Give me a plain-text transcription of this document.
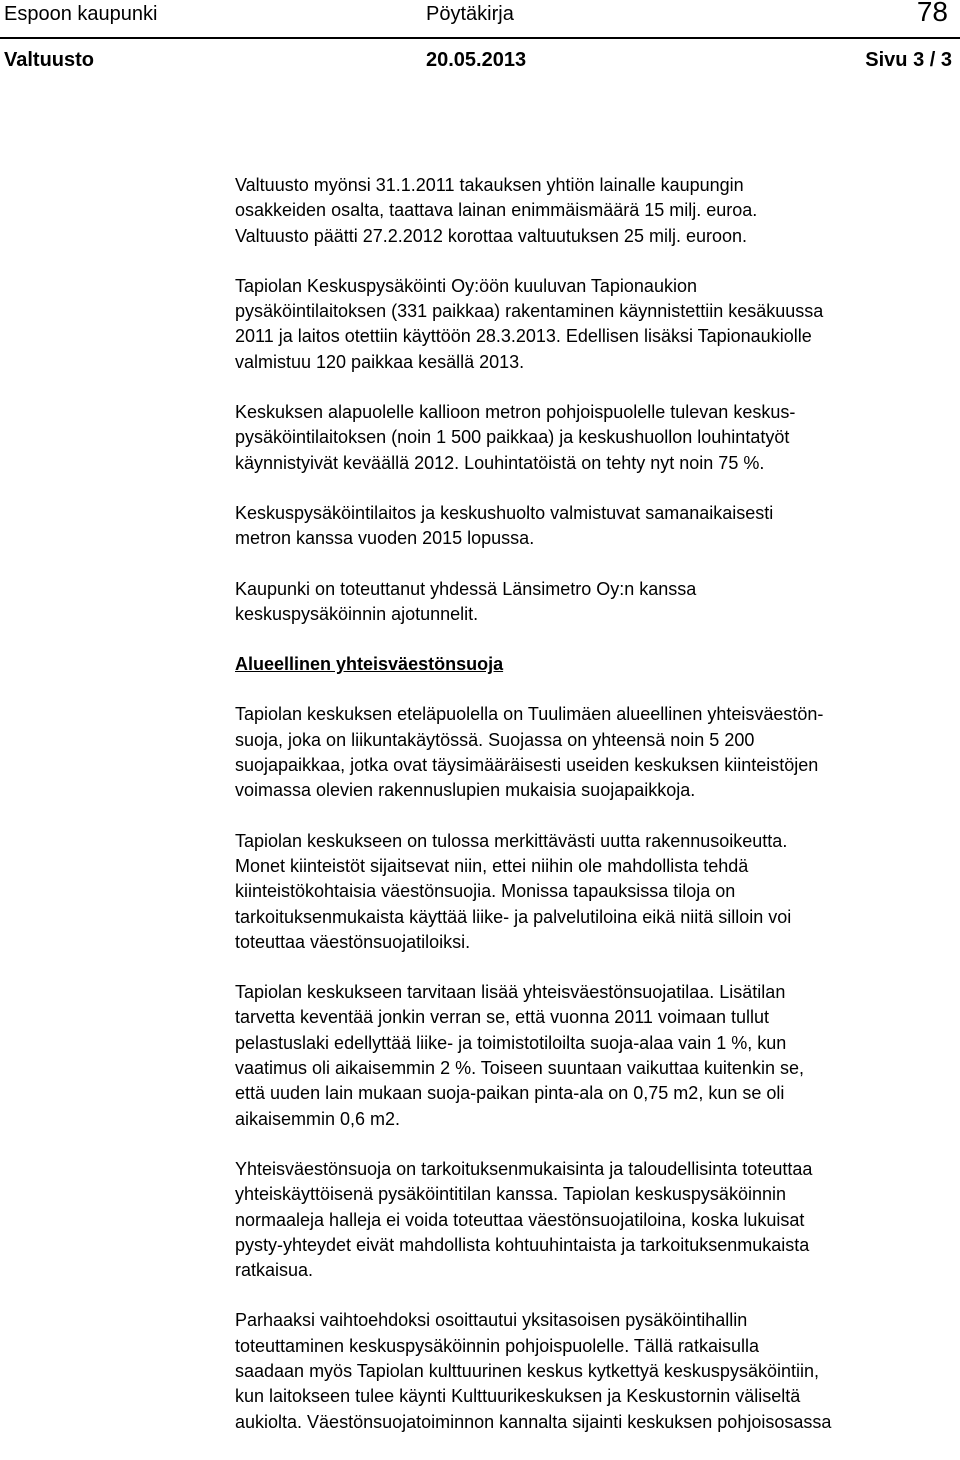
Espoon kaupunki	Pöytäkirja	78
Valtuusto	20.05.2013	Sivu 3 / 3

Valtuusto myönsi 31.1.2011 takauksen yhtiön lainalle kaupungin
osakkeiden osalta, taattava lainan enimmäismäärä 15 milj. euroa.
Valtuusto päätti 27.2.2012 korottaa valtuutuksen 25 milj. euroon.

Tapiolan Keskuspysäköinti Oy:öön kuuluvan Tapionaukion
pysäköintilaitoksen (331 paikkaa) rakentaminen käynnistettiin kesäkuussa
2011 ja laitos otettiin käyttöön 28.3.2013. Edellisen lisäksi Tapionaukiolle
valmistuu 120 paikkaa kesällä 2013.

Keskuksen alapuolelle kallioon metron pohjoispuolelle tulevan keskus-
pysäköintilaitoksen (noin 1 500 paikkaa) ja keskushuollon louhintatyöt
käynnistyivät keväällä 2012. Louhintatöistä on tehty nyt noin 75 %.

Keskuspysäköintilaitos ja keskushuolto valmistuvat samanaikaisesti
metron kanssa vuoden 2015 lopussa.

Kaupunki on toteuttanut yhdessä Länsimetro Oy:n kanssa
keskuspysäköinnin ajotunnelit.

Alueellinen yhteisväestönsuoja

Tapiolan keskuksen eteläpuolella on Tuulimäen alueellinen yhteisväestön-
suoja, joka on liikuntakäytössä. Suojassa on yhteensä noin 5 200
suojapaikkaa, jotka ovat täysimääräisesti useiden keskuksen kiinteistöjen
voimassa olevien rakennuslupien mukaisia suojapaikkoja.

Tapiolan keskukseen on tulossa merkittävästi uutta rakennusoikeutta.
Monet kiinteistöt sijaitsevat niin, ettei niihin ole mahdollista tehdä
kiinteistökohtaisia väestönsuojia. Monissa tapauksissa tiloja on
tarkoituksenmukaista käyttää liike- ja palvelutiloina eikä niitä silloin voi
toteuttaa väestönsuojatiloiksi.

Tapiolan keskukseen tarvitaan lisää yhteisväestönsuojatilaa. Lisätilan
tarvetta keventää jonkin verran se, että vuonna 2011 voimaan tullut
pelastuslaki edellyttää liike- ja toimistotiloilta suoja-alaa vain 1 %, kun
vaatimus oli aikaisemmin 2 %. Toiseen suuntaan vaikuttaa kuitenkin se,
että uuden lain mukaan suoja-paikan pinta-ala on 0,75 m2, kun se oli
aikaisemmin 0,6 m2.

Yhteisväestönsuoja on tarkoituksenmukaisinta ja taloudellisinta toteuttaa
yhteiskäyttöisenä pysäköintitilan kanssa. Tapiolan keskuspysäköinnin
normaaleja halleja ei voida toteuttaa väestönsuojatiloina, koska lukuisat
pysty-yhteydet eivät mahdollista kohtuuhintaista ja tarkoituksenmukaista
ratkaisua.

Parhaaksi vaihtoehdoksi osoittautui yksitasoisen pysäköintihallin
toteuttaminen keskuspysäköinnin pohjoispuolelle. Tällä ratkaisulla
saadaan myös Tapiolan kulttuurinen keskus kytkettyä keskuspysäköintiin,
kun laitokseen tulee käynti Kulttuurikeskuksen ja Keskustornin väliseltä
aukiolta. Väestönsuojatoiminnon kannalta sijainti keskuksen pohjoisosassa
